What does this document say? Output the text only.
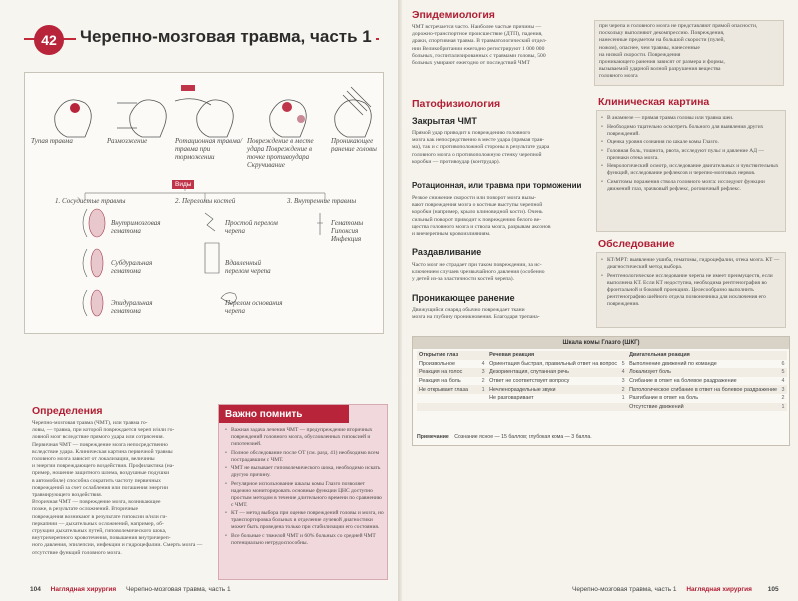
42	Черепно-мозговая травма, часть 1
Тупая травма	Размозжение	Ротационная травма/ травма при торможении
Повреждение в месте удара Повреждение в точке противоудара Скручивание
Проникающее ранение головы
Виды
1. Сосудистые травмы	2. Переломы костей	3. Внутренние травмы
Внутримозговая гематома
Субдуральная гематома
Эпидуральная гематома
Простой перелом черепа
Вдавленный перелом черепа
Перелом основания черепа
Гематомы Гипоксия Инфекция
Определения
Черепно-мозговая травма (ЧМТ), или травма го-
ловы, — травма, при которой повреждается череп и/или го-
ловной мозг вследствие прямого удара или сотрясения.
Первичная ЧМТ — повреждение мозга непосредственно
вследствие удара. Клиническая картина первичной травмы
головного мозга зависит от локализации, величины
и энергии повреждающего воздействия. Профилактика (на-
пример, ношение защитного шлема, воздушные подушки
в автомобиле) способна сократить частоту первичных
повреждений за счет ослабления или погашения энергии
травмирующего воздействия.
Вторичная ЧМТ — повреждение мозга, возникающее
позже, в результате осложнений. Вторичные
повреждения возникают в результате гипоксии и/или ги-
перкапнии — дыхательных осложнений, например, об-
струкции дыхательных путей, гиповолемического шока,
внутричерепного кровотечения, повышения внутричереп-
ного давления, эпилепсии, инфекции и гидроцефалии. Смерть мозга —
отсутствие функций головного мозга.
Важно помнить
• Важная задача лечения ЧМТ — предупреждение вторичных повреждений головного мозга, обусловленных гипоксией и гипотензией.
• Полное обследование после ОТ (см. разд. 41) необходимо всем пострадавшим с ЧМТ.
• ЧМТ не вызывает гиповолемического шока, необходимо искать другую причину.
• Регулярное использование шкалы комы Глазго позволяет надежно мониторировать основные функции ЦНС доступно простым методом в течение длительного времени по сравнению с ЧМТ.
• КТ — метод выбора при оценке повреждений головы и мозга, но транспортировка больных в отделение лучевой диагностики может быть проведена только при стабилизации его состояния.
• Все больные с тяжелой ЧМТ и 60% больных со средней ЧМТ потенциально нетрудоспособны.
104 Наглядная хирургия Черепно-мозговая травма, часть 1
Эпидемиология
ЧМТ встречается часто. Наиболее частые причины —
дорожно-транспортное происшествие (ДТП), падения,
драки, спортивная травма. В травматологический отдел-
нии Великобритании ежегодно регистрируют 1 000 000
больных, госпитализированных с травмами головы, 500
больных умирают ежегодно от последствий ЧМТ
при черепа и головного мозга не представляют прямой опасности,
поскольку выполняют декомпрессию. Повреждения,
нанесенные предметом на большой скорости (пулей,
ножом), опаснее, чем травмы, нанесенные
на низкой скорости. Повреждения
проникающего ранения зависят от размера и формы,
вызываемой ударной волной разрушения вещества
головного мозга
Патофизиология
Закрытая ЧМТ
Прямой удар приводит к повреждению головного
мозга как непосредственно в месте удара (прямая трав-
ма), так и с противоположной стороны в результате удара
головного мозга о противоположную стенку черепной
коробки — противоудар (контрудар).
Ротационная, или травма при торможении
Резкое снижение скорости или поворот мозга вызы-
вают повреждения мозга о костные выступы черепной
коробки (например, крыло клиновидной кости). Очень
сильный поворот приводит к повреждению белого ве-
щества головного мозга и ствола мозга, разрывам аксонов
и внечерепным кровоизлияниям.
Раздавливание
Часто мозг не страдает при таком повреждении, за ис-
ключением случаев чрезвычайного давления (особенно
у детей из-за эластичности костей черепа).
Проникающее ранение
Движущийся снаряд обычно повреждает ткани
мозга на глубину проникновения. Благодаря трепана-
Клиническая картина
• В анамнезе — прямая травма головы или травма шеи.
• Необходимо тщательно осмотреть больного для выявления других повреждений.
• Оценка уровня сознания по шкале комы Глазго.
• Головная боль, тошнота, рвота, исследуют пульс и давление АД — признаки отека мозга.
• Неврологический осмотр, исследование двигательных и чувствительных функций, исследование рефлексов и черепно-мозговых нервов.
• Симптомы поражения ствола головного мозга: исследуют функции движений глаз, зрачковый рефлекс, роговичный рефлекс.
Обследование
• КТ/МРТ: выявление ушиба, гематомы, гидроцефалии, отека мозга. КТ — диагностический метод выбора.
• Рентгенологическое исследование черепа не имеет преимуществ, если выполнена КТ. Если КТ недоступна, необходима рентгенография во фронтальной и боковой проекциях. Целесообразно выполнить рентгенографию шейного отдела позвоночника для исключения его повреждения.
Шкала комы Глазго (ШКГ)
Открытие глаз		Речевая реакция		Двигательная реакция	
Произвольное	4	Ориентация быстрая, правильный ответ на вопрос	5	Выполнение движений по команде	6
Реакция на голос	3	Дезориентация, спутанная речь	4	Локализует боль	5
Реакция на боль	2	Ответ не соответствует вопросу	3	Сгибание в ответ на болевое раздражение	4
Не открывает глаза	1	Нечленораздельные звуки	2	Патологическое сгибание в ответ на болевое раздражение	3
		Не разговаривает	1	Разгибание в ответ на боль	2
				Отсутствие движений	1
Примечание Сознание ясное — 15 баллов; глубокая кома — 3 балла.
Черепно-мозговая травма, часть 1 Наглядная хирургия 105
